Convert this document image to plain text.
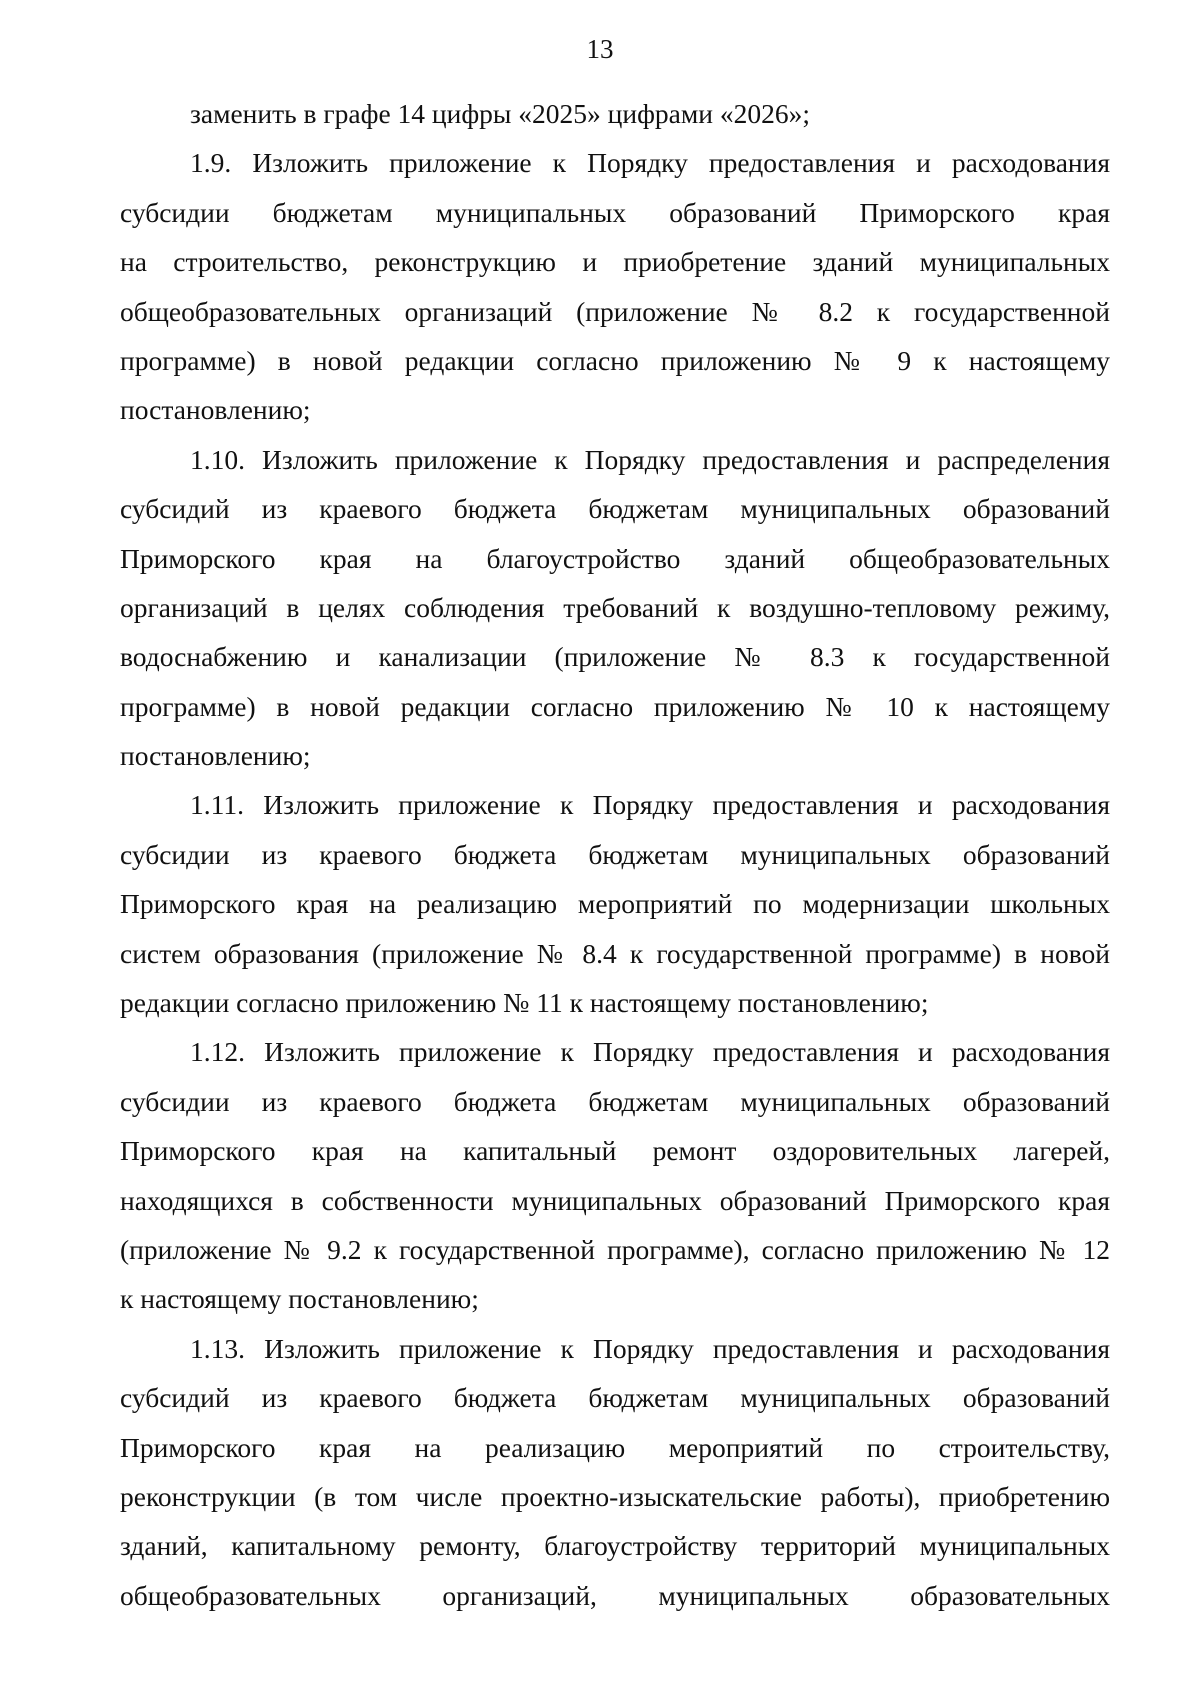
13
заменить в графе 14 цифры «2025» цифрами «2026»;
1.9. Изложить приложение к Порядку предоставления и расходования
субсидии бюджетам муниципальных образований Приморского края
на строительство, реконструкцию и приобретение зданий муниципальных
общеобразовательных организаций (приложение № 8.2 к государственной
программе) в новой редакции согласно приложению № 9 к настоящему
постановлению;
1.10. Изложить приложение к Порядку предоставления и распределения
субсидий из краевого бюджета бюджетам муниципальных образований
Приморского края на благоустройство зданий общеобразовательных
организаций в целях соблюдения требований к воздушно-тепловому режиму,
водоснабжению и канализации (приложение № 8.3 к государственной
программе) в новой редакции согласно приложению № 10 к настоящему
постановлению;
1.11. Изложить приложение к Порядку предоставления и расходования
субсидии из краевого бюджета бюджетам муниципальных образований
Приморского края на реализацию мероприятий по модернизации школьных
систем образования (приложение № 8.4 к государственной программе) в новой
редакции согласно приложению № 11 к настоящему постановлению;
1.12. Изложить приложение к Порядку предоставления и расходования
субсидии из краевого бюджета бюджетам муниципальных образований
Приморского края на капитальный ремонт оздоровительных лагерей,
находящихся в собственности муниципальных образований Приморского края
(приложение № 9.2 к государственной программе), согласно приложению № 12
к настоящему постановлению;
1.13. Изложить приложение к Порядку предоставления и расходования
субсидий из краевого бюджета бюджетам муниципальных образований
Приморского края на реализацию мероприятий по строительству,
реконструкции (в том числе проектно-изыскательские работы), приобретению
зданий, капитальному ремонту, благоустройству территорий муниципальных
общеобразовательных организаций, муниципальных образовательных
